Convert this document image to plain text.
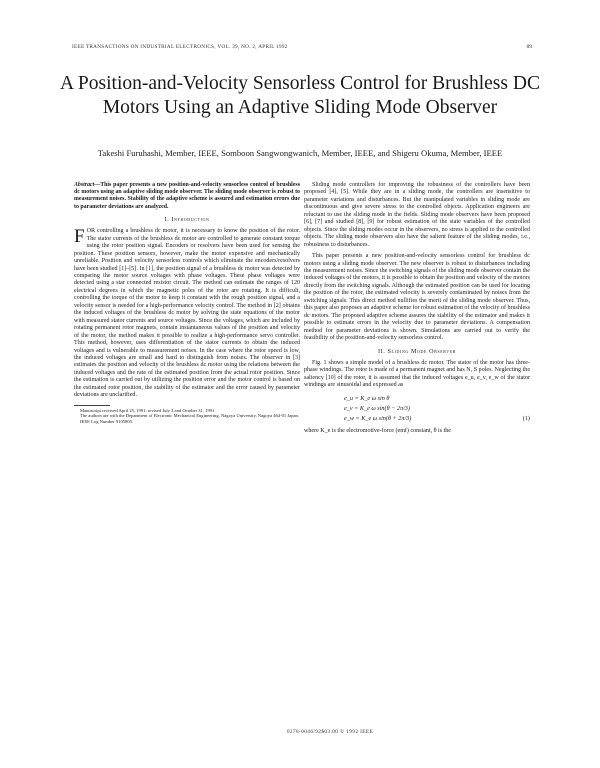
IEEE TRANSACTIONS ON INDUSTRIAL ELECTRONICS, VOL. 39, NO. 2, APRIL 1992	89
A Position-and-Velocity Sensorless Control for Brushless DC Motors Using an Adaptive Sliding Mode Observer
Takeshi Furuhashi, Member, IEEE, Somboon Sangwongwanich, Member, IEEE, and Shigeru Okuma, Member, IEEE

Abstract—This paper presents a new position-and-velocity sensorless control of brushless dc motors using an adaptive sliding mode observer. The sliding mode observer is robust to measurement noises. Stability of the adaptive scheme is assured and estimation errors due to parameter deviations are analyzed.

I. Introduction

FOR controlling a brushless dc motor, it is necessary to know the position of the rotor. The stator currents of the brushless dc motor are controlled to generate constant torque using the rotor position signal. Encoders or resolvers have been used for sensing the position. These position sensors, however, make the motor expensive and mechanically unreliable. Position and velocity sensorless controls which eliminate the encoders/resolvers have been studied [1]–[5]. In [1], the position signal of a brushless dc motor was detected by comparing the motor source voltages with phase voltages. These phase voltages were detected using a star connected resistor circuit. The method can estimate the ranges of 120 electrical degrees in which the magnetic poles of the rotor are rotating. It is difficult, controlling the torque of the motor to keep it constant with the rough position signal, and a velocity sensor is needed for a high-performance velocity control. The method in [2] obtains the induced voltages of the brushless dc motor by solving the state equations of the motor with measured stator currents and source voltages. Since the voltages, which are included by rotating permanent rotor magnets, contain instantaneous values of the position and velocity of the motor, the method makes it possible to realize a high-performance servo controller. This method, however, uses differentiation of the stator currents to obtain the induced voltages and is vulnerable to measurement noises. In the case where the rotor speed is low, the induced voltages are small and hard to distinguish from noises. The observer in [3] estimates the position and velocity of the brushless dc motor using the relations between the induced voltages and the rate of the estimated position from the actual rotor position. Since the estimation is carried out by utilizing the position error and the motor control is based on the estimated rotor position, the stability of the estimator and the error caused by parameter deviations are unclarified.

Manuscript received April 25, 1991; revised July 3 and October 31, 1991.

The authors are with the Department of Electronic Mechanical Engineering, Nagoya University, Nagoya 464-01 Japan.

IEEE Log Number 9105805.

Sliding mode controllers for improving the robustness of the controllers have been proposed [4], [5]. While they are in a sliding mode, the controllers are insensitive to parameter variations and disturbances. But the manipulated variables in sliding mode are discontinuous and give severe stress to the controlled objects. Application engineers are reluctant to use the sliding mode in the fields. Sliding mode observers have been proposed [6], [7] and studied [8], [9] for robust estimation of the state variables of the controlled objects. Since the sliding modes occur in the observers, no stress is applied to the controlled objects. The sliding mode observers also have the salient feature of the sliding modes, i.e., robustness to disturbances.

This paper presents a new position-and-velocity sensorless control for brushless dc motors using a sliding mode observer. The new observer is robust to disturbances including the measurement noises. Since the switching signals of the sliding mode observer contain the induced voltages of the motors, it is possible to obtain the position and velocity of the motors directly from the switching signals. Although the estimated position can be used for locating the position of the rotor, the estimated velocity is severely contaminated by noises from the switching signals. This direct method nullifies the merit of the sliding mode observer. Thus, this paper also proposes an adaptive scheme for robust estimation of the velocity of brushless dc motors. The proposed adaptive scheme assures the stability of the estimator and makes it possible to estimate errors in the velocity due to parameter deviations. A compensation method for parameter deviations is shown. Simulations are carried out to verify the feasibility of the position-and-velocity sensorless control.

II. Sliding Mode Observer

Fig. 1 shows a simple model of a brushless dc motor. The stator of the motor has three-phase windings. The rotor is made of a permanent magnet and has N, S poles. Neglecting the saliency [10] of the rotor, it is assumed that the induced voltages e_u, e_v, e_w of the stator windings are sinusoidal and expressed as

e_u = K_e ω sin θ
e_v = K_e ω sin(θ − 2π/3)
e_w = K_e ω sin(θ + 2π/3)	(1)

where K_e is the electromotive-force (emf) constant, θ is the

0278-0046/92$03.00 © 1992 IEEE
